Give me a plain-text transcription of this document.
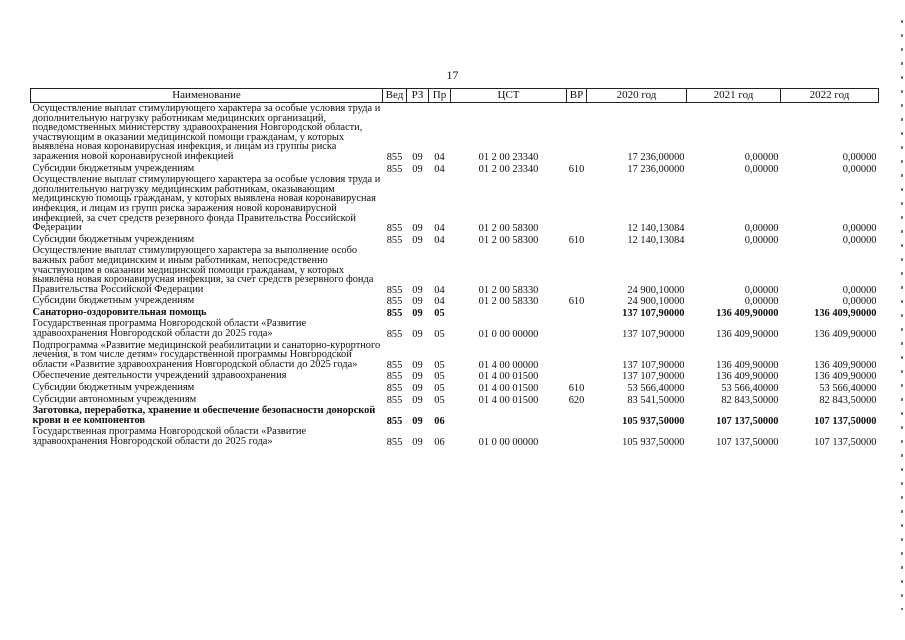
17
Наименование	Вед	РЗ	Пр	ЦСТ	ВР	2020 год	2021 год	2022 год
Осуществление выплат стимулирующего характера за особые условия труда и дополнительную нагрузку работникам медицинских организаций, подведомственных министерству здравоохранения Новгородской области, участвующим в оказании медицинской помощи гражданам, у которых выявлена новая коронавирусная инфекция, и лицам из группы риска заражения новой коронавирусной инфекцией	855	09	04	01 2 00 23340		17 236,00000	0,00000	0,00000
Субсидии бюджетным учреждениям	855	09	04	01 2 00 23340	610	17 236,00000	0,00000	0,00000
Осуществление выплат стимулирующего характера за особые условия труда и дополнительную нагрузку медицинским работникам, оказывающим медицинскую помощь гражданам, у которых выявлена новая коронавирусная инфекция, и лицам из групп риска заражения новой коронавирусной инфекцией, за счет средств резервного фонда Правительства Российской Федерации	855	09	04	01 2 00 58300		12 140,13084	0,00000	0,00000
Субсидии бюджетным учреждениям	855	09	04	01 2 00 58300	610	12 140,13084	0,00000	0,00000
Осуществление выплат стимулирующего характера за выполнение особо важных работ медицинским и иным работникам, непосредственно участвующим в оказании медицинской помощи гражданам, у которых выявлена новая коронавирусная инфекция, за счет средств резервного фонда Правительства Российской Федерации	855	09	04	01 2 00 58330		24 900,10000	0,00000	0,00000
Субсидии бюджетным учреждениям	855	09	04	01 2 00 58330	610	24 900,10000	0,00000	0,00000
Санаторно-оздоровительная помощь	855	09	05			137 107,90000	136 409,90000	136 409,90000
Государственная программа Новгородской области «Развитие здравоохранения Новгородской области до 2025 года»	855	09	05	01 0 00 00000		137 107,90000	136 409,90000	136 409,90000
Подпрограмма «Развитие медицинской реабилитации и санаторно-курортного лечения, в том числе детям» государственной программы Новгородской области «Развитие здравоохранения Новгородской области до 2025 года»	855	09	05	01 4 00 00000		137 107,90000	136 409,90000	136 409,90000
Обеспечение деятельности учреждений здравоохранения	855	09	05	01 4 00 01500		137 107,90000	136 409,90000	136 409,90000
Субсидии бюджетным учреждениям	855	09	05	01 4 00 01500	610	53 566,40000	53 566,40000	53 566,40000
Субсидии автономным учреждениям	855	09	05	01 4 00 01500	620	83 541,50000	82 843,50000	82 843,50000
Заготовка, переработка, хранение и обеспечение безопасности донорской крови и ее компонентов	855	09	06			105 937,50000	107 137,50000	107 137,50000
Государственная программа Новгородской области «Развитие здравоохранения Новгородской области до 2025 года»	855	09	06	01 0 00 00000		105 937,50000	107 137,50000	107 137,50000
